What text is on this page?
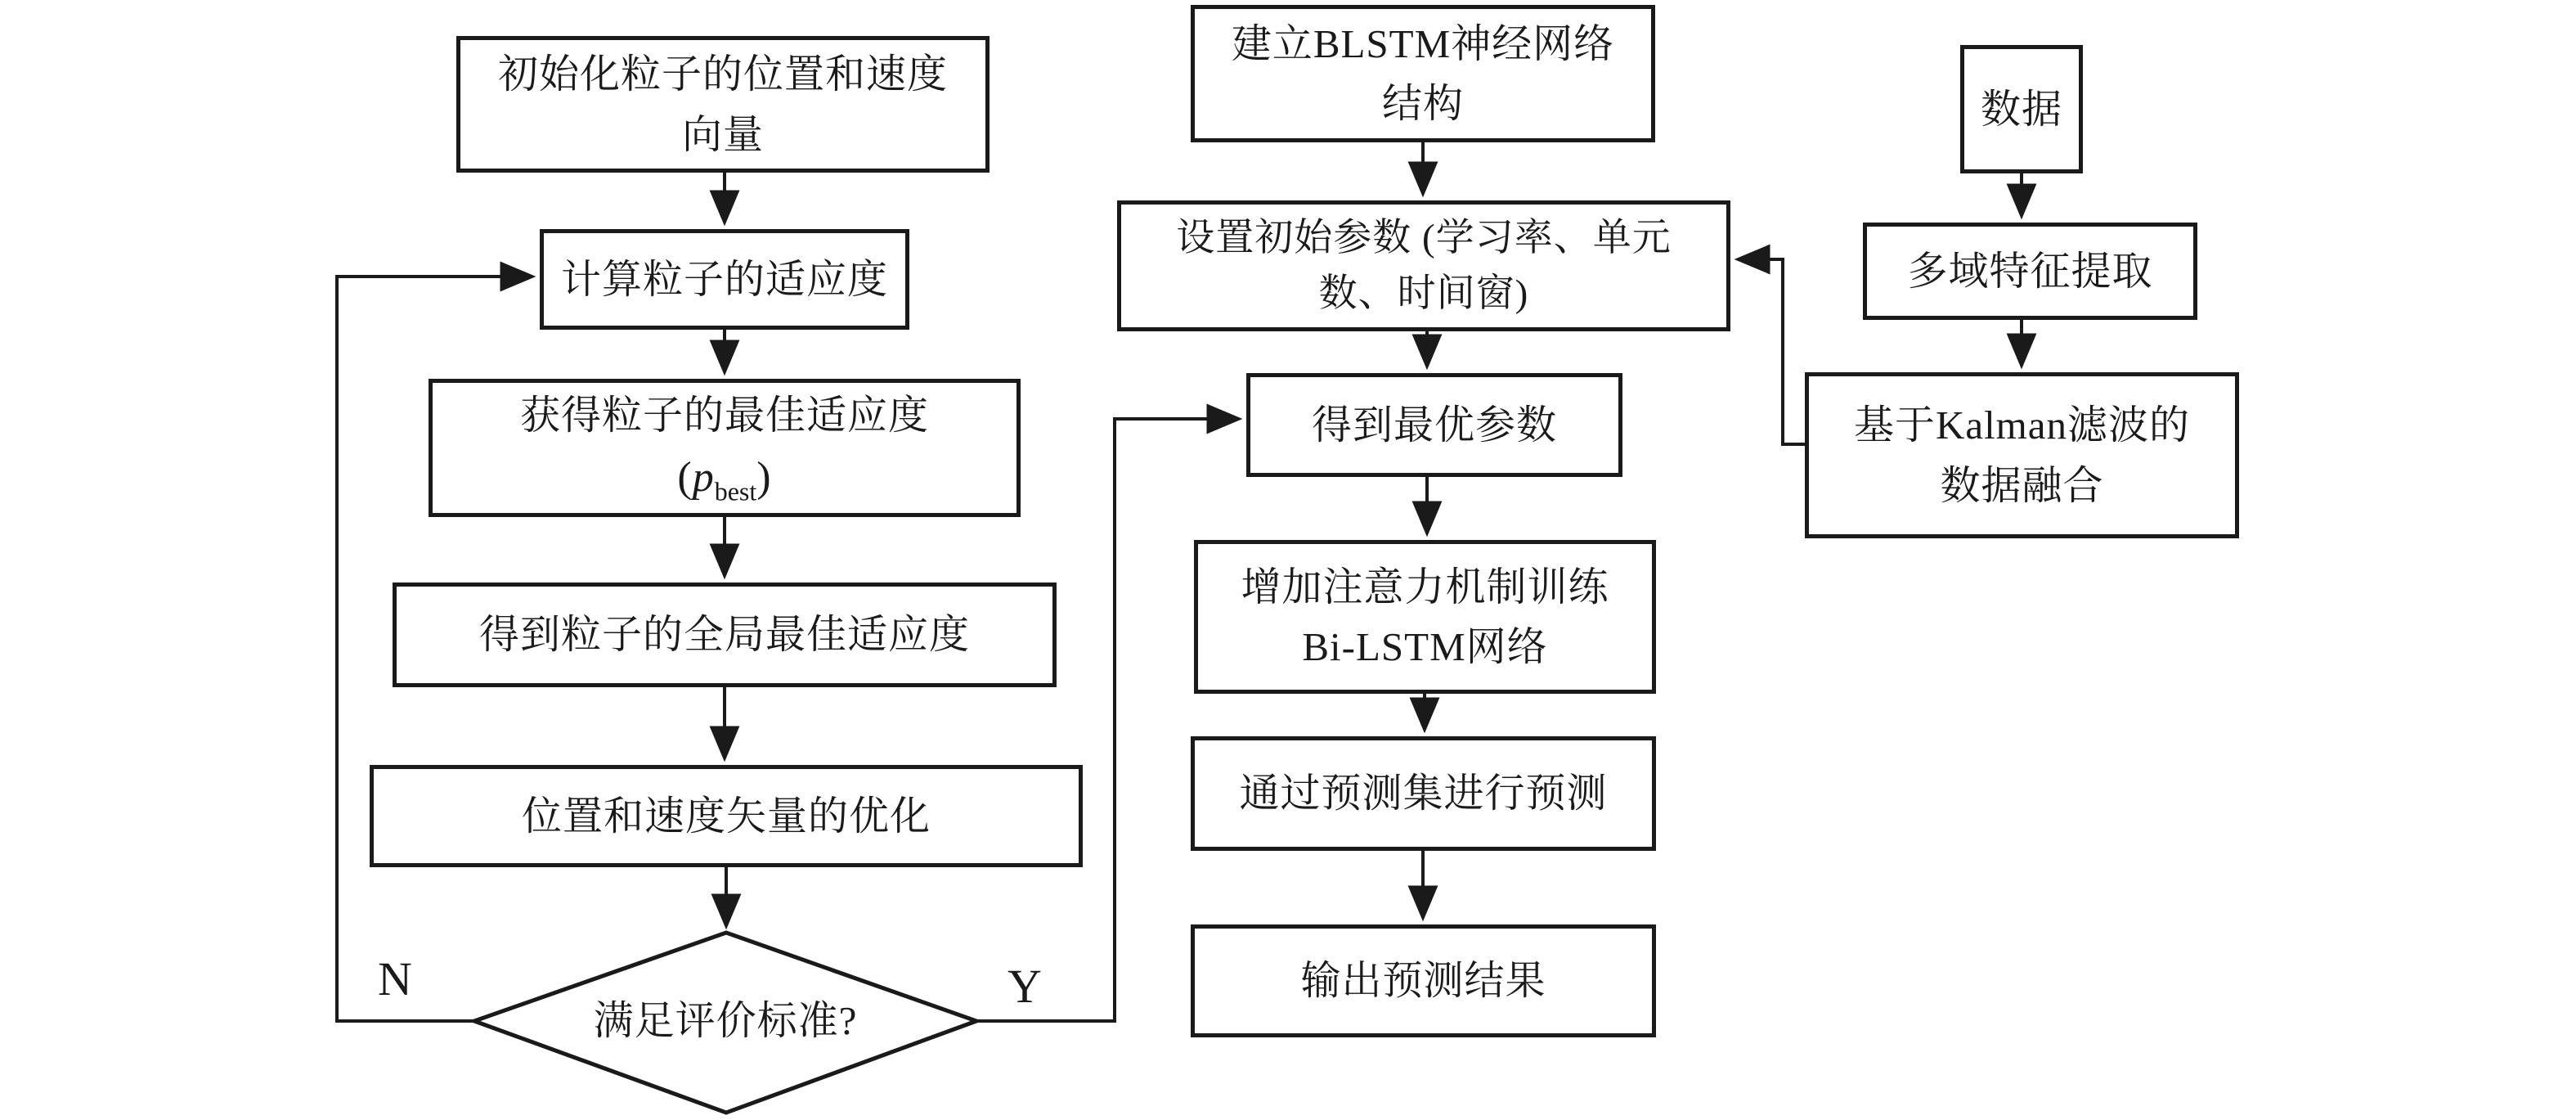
初始化粒子的位置和速度
向量
计算粒子的适应度
获得粒子的最佳适应度
$(p_{best})$
得到粒子的全局最佳适应度
位置和速度矢量的优化
满足评价标准?
N	Y
建立BLSTM神经网络
结构
设置初始参数 (学习率、单元
数、时间窗)
得到最优参数
增加注意力机制训练
Bi-LSTM网络
通过预测集进行预测
输出预测结果
数据
多域特征提取
基于Kalman滤波的
数据融合
